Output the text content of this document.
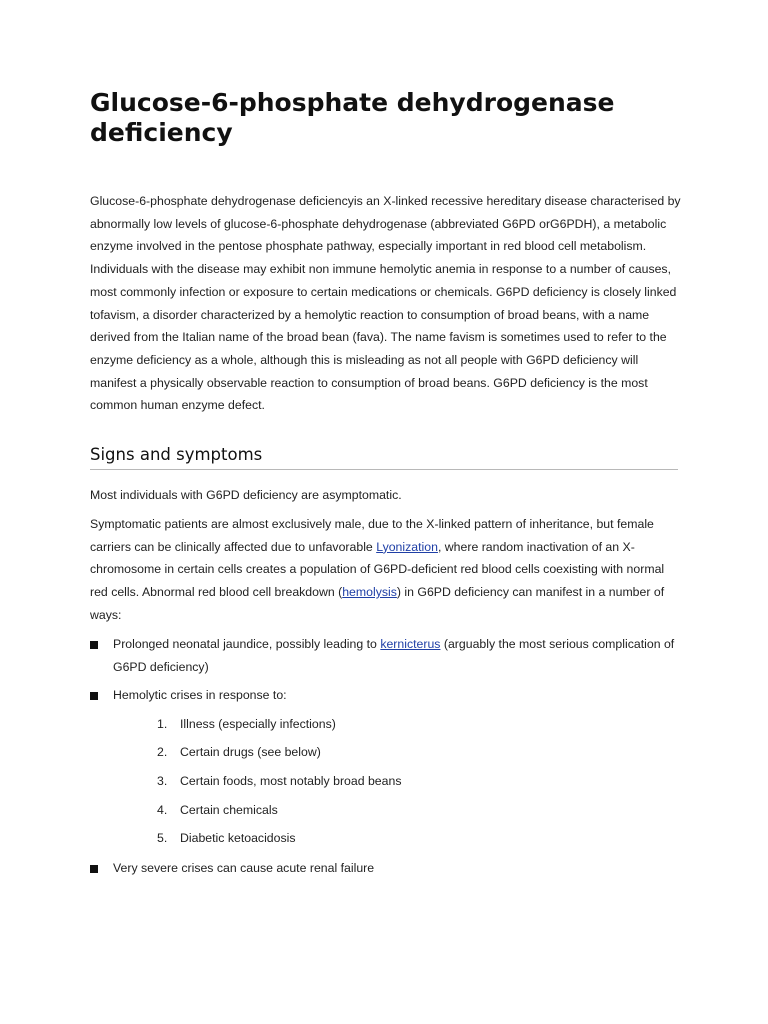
Glucose-6-phosphate dehydrogenase deficiency

Glucose-6-phosphate dehydrogenase deficiencyis an X-linked recessive hereditary disease characterised by abnormally low levels of glucose-6-phosphate dehydrogenase (abbreviated G6PD orG6PDH), a metabolic enzyme involved in the pentose phosphate pathway, especially important in red blood cell metabolism. Individuals with the disease may exhibit non immune hemolytic anemia in response to a number of causes, most commonly infection or exposure to certain medications or chemicals. G6PD deficiency is closely linked tofavism, a disorder characterized by a hemolytic reaction to consumption of broad beans, with a name derived from the Italian name of the broad bean (fava). The name favism is sometimes used to refer to the enzyme deficiency as a whole, although this is misleading as not all people with G6PD deficiency will manifest a physically observable reaction to consumption of broad beans. G6PD deficiency is the most common human enzyme defect.

Signs and symptoms

Most individuals with G6PD deficiency are asymptomatic.

Symptomatic patients are almost exclusively male, due to the X-linked pattern of inheritance, but female carriers can be clinically affected due to unfavorable Lyonization, where random inactivation of an X-chromosome in certain cells creates a population of G6PD-deficient red blood cells coexisting with normal red cells. Abnormal red blood cell breakdown (hemolysis) in G6PD deficiency can manifest in a number of ways:

Prolonged neonatal jaundice, possibly leading to kernicterus (arguably the most serious complication of G6PD deficiency)
Hemolytic crises in response to:
1. Illness (especially infections)
2. Certain drugs (see below)
3. Certain foods, most notably broad beans
4. Certain chemicals
5. Diabetic ketoacidosis
Very severe crises can cause acute renal failure
